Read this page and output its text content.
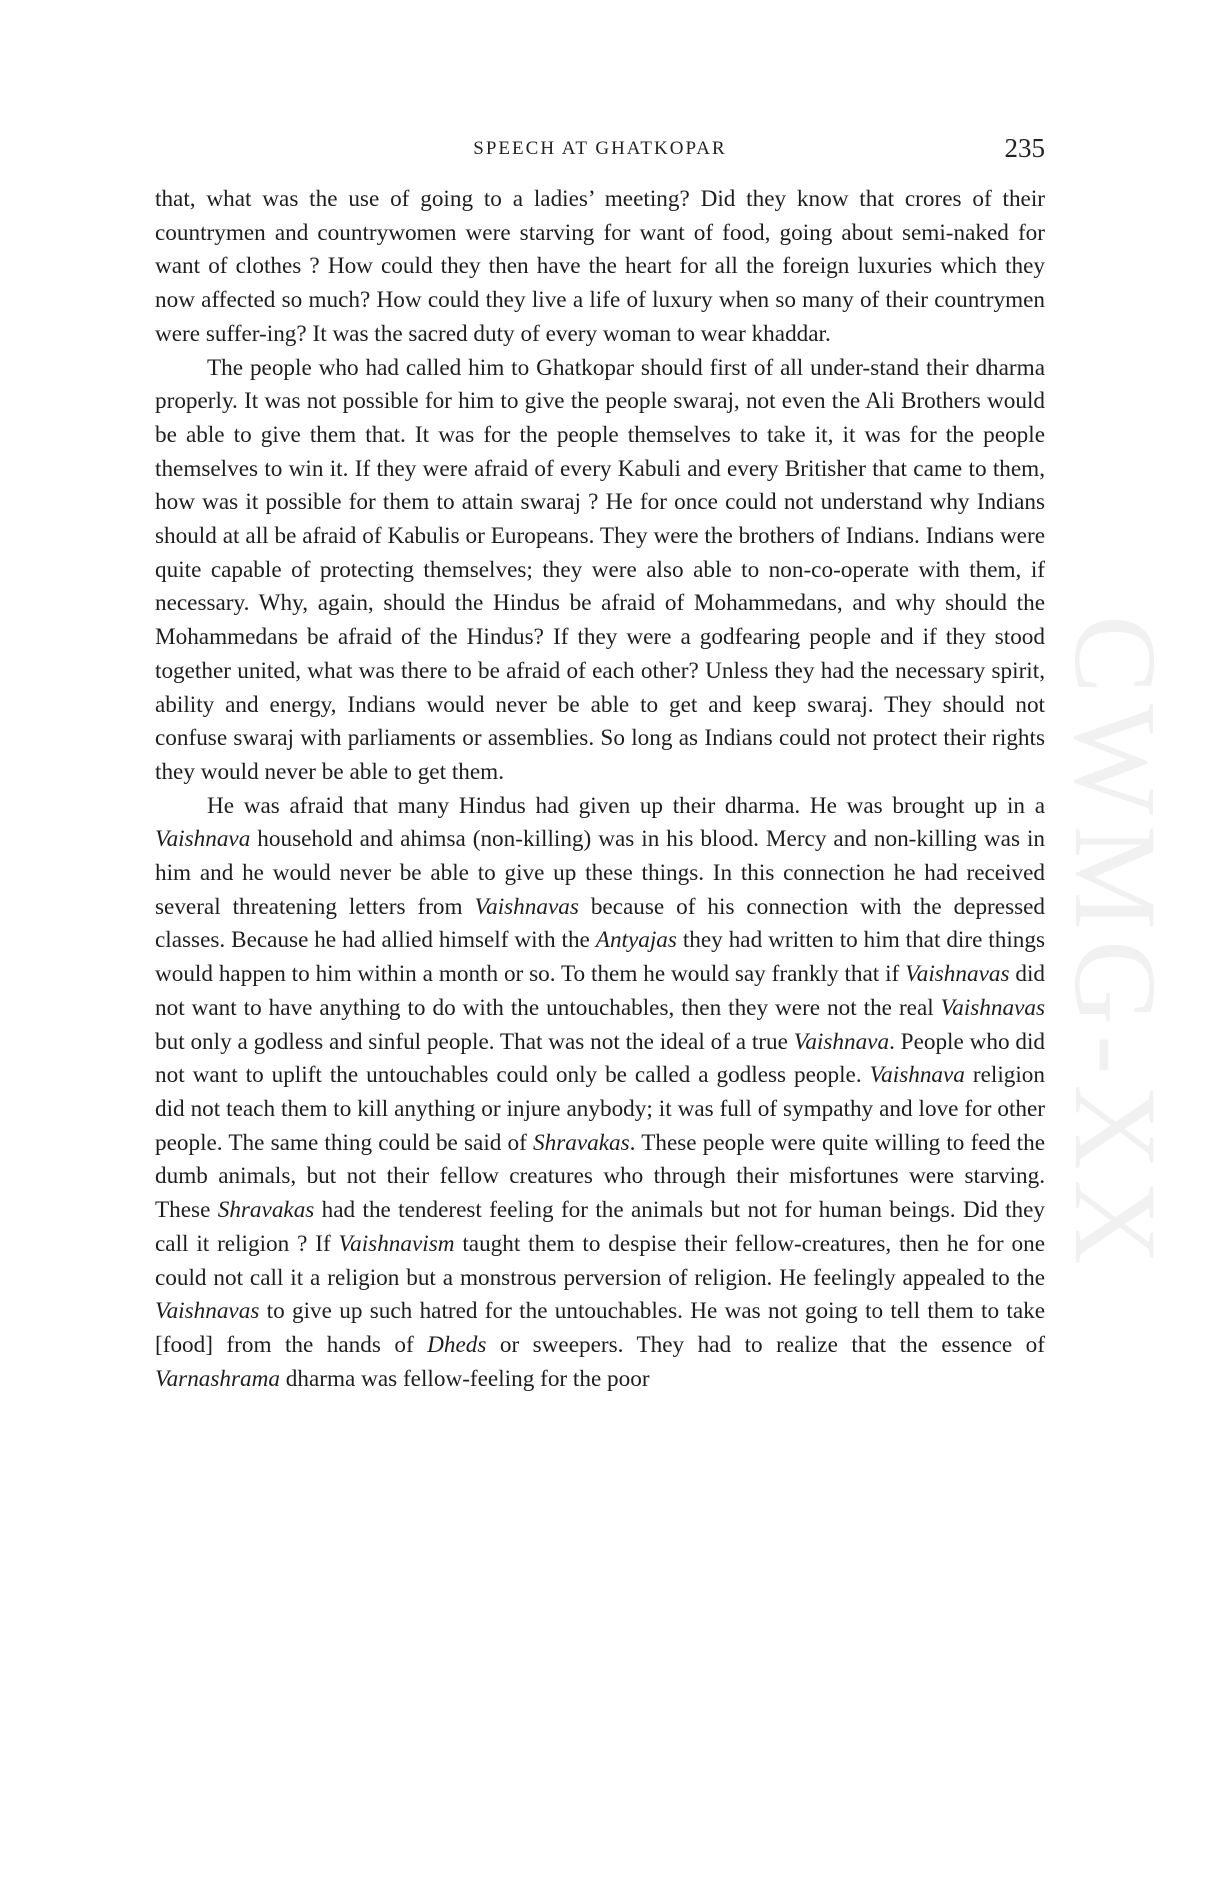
SPEECH AT GHATKOPAR	235
CWMG-XX

that, what was the use of going to a ladies’ meeting? Did they know that crores of their countrymen and countrywomen were starving for want of food, going about semi-naked for want of clothes ? How could they then have the heart for all the foreign luxuries which they now affected so much? How could they live a life of luxury when so many of their countrymen were suffer-ing? It was the sacred duty of every woman to wear khaddar.

The people who had called him to Ghatkopar should first of all under-stand their dharma properly. It was not possible for him to give the people swaraj, not even the Ali Brothers would be able to give them that. It was for the people themselves to take it, it was for the people themselves to win it. If they were afraid of every Kabuli and every Britisher that came to them, how was it possible for them to attain swaraj ? He for once could not understand why Indians should at all be afraid of Kabulis or Europeans. They were the brothers of Indians. Indians were quite capable of protecting themselves; they were also able to non-co-operate with them, if necessary. Why, again, should the Hindus be afraid of Mohammedans, and why should the Mohammedans be afraid of the Hindus? If they were a godfearing people and if they stood together united, what was there to be afraid of each other? Unless they had the necessary spirit, ability and energy, Indians would never be able to get and keep swaraj. They should not confuse swaraj with parliaments or assemblies. So long as Indians could not protect their rights they would never be able to get them.

He was afraid that many Hindus had given up their dharma. He was brought up in a Vaishnava household and ahimsa (non-killing) was in his blood. Mercy and non-killing was in him and he would never be able to give up these things. In this connection he had received several threatening letters from Vaishnavas because of his connection with the depressed classes. Because he had allied himself with the Antyajas they had written to him that dire things would happen to him within a month or so. To them he would say frankly that if Vaishnavas did not want to have anything to do with the untouchables, then they were not the real Vaishnavas but only a godless and sinful people. That was not the ideal of a true Vaishnava. People who did not want to uplift the untouchables could only be called a godless people. Vaishnava religion did not teach them to kill anything or injure anybody; it was full of sympathy and love for other people. The same thing could be said of Shravakas. These people were quite willing to feed the dumb animals, but not their fellow creatures who through their misfortunes were starving. These Shravakas had the tenderest feeling for the animals but not for human beings. Did they call it religion ? If Vaishnavism taught them to despise their fellow-creatures, then he for one could not call it a religion but a monstrous perversion of religion. He feelingly appealed to the Vaishnavas to give up such hatred for the untouchables. He was not going to tell them to take [food] from the hands of Dheds or sweepers. They had to realize that the essence of Varnashrama dharma was fellow-feeling for the poor
